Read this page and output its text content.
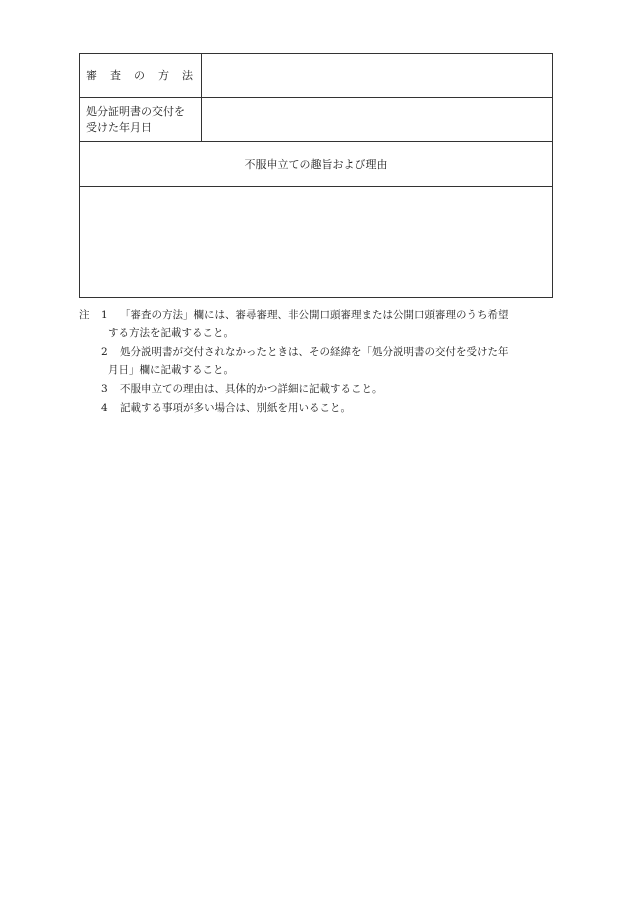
審査の方法	

処分証明書の交付を
受けた年月日	

不服申立ての趣旨および理由	

注 1 「審査の方法」欄には、審尋審理、非公開口頭審理または公開口頭審理のうち希望
する方法を記載すること。
2 処分説明書が交付されなかったときは、その経緯を「処分説明書の交付を受けた年
月日」欄に記載すること。
3 不服申立ての理由は、具体的かつ詳細に記載すること。
4 記載する事項が多い場合は、別紙を用いること。
